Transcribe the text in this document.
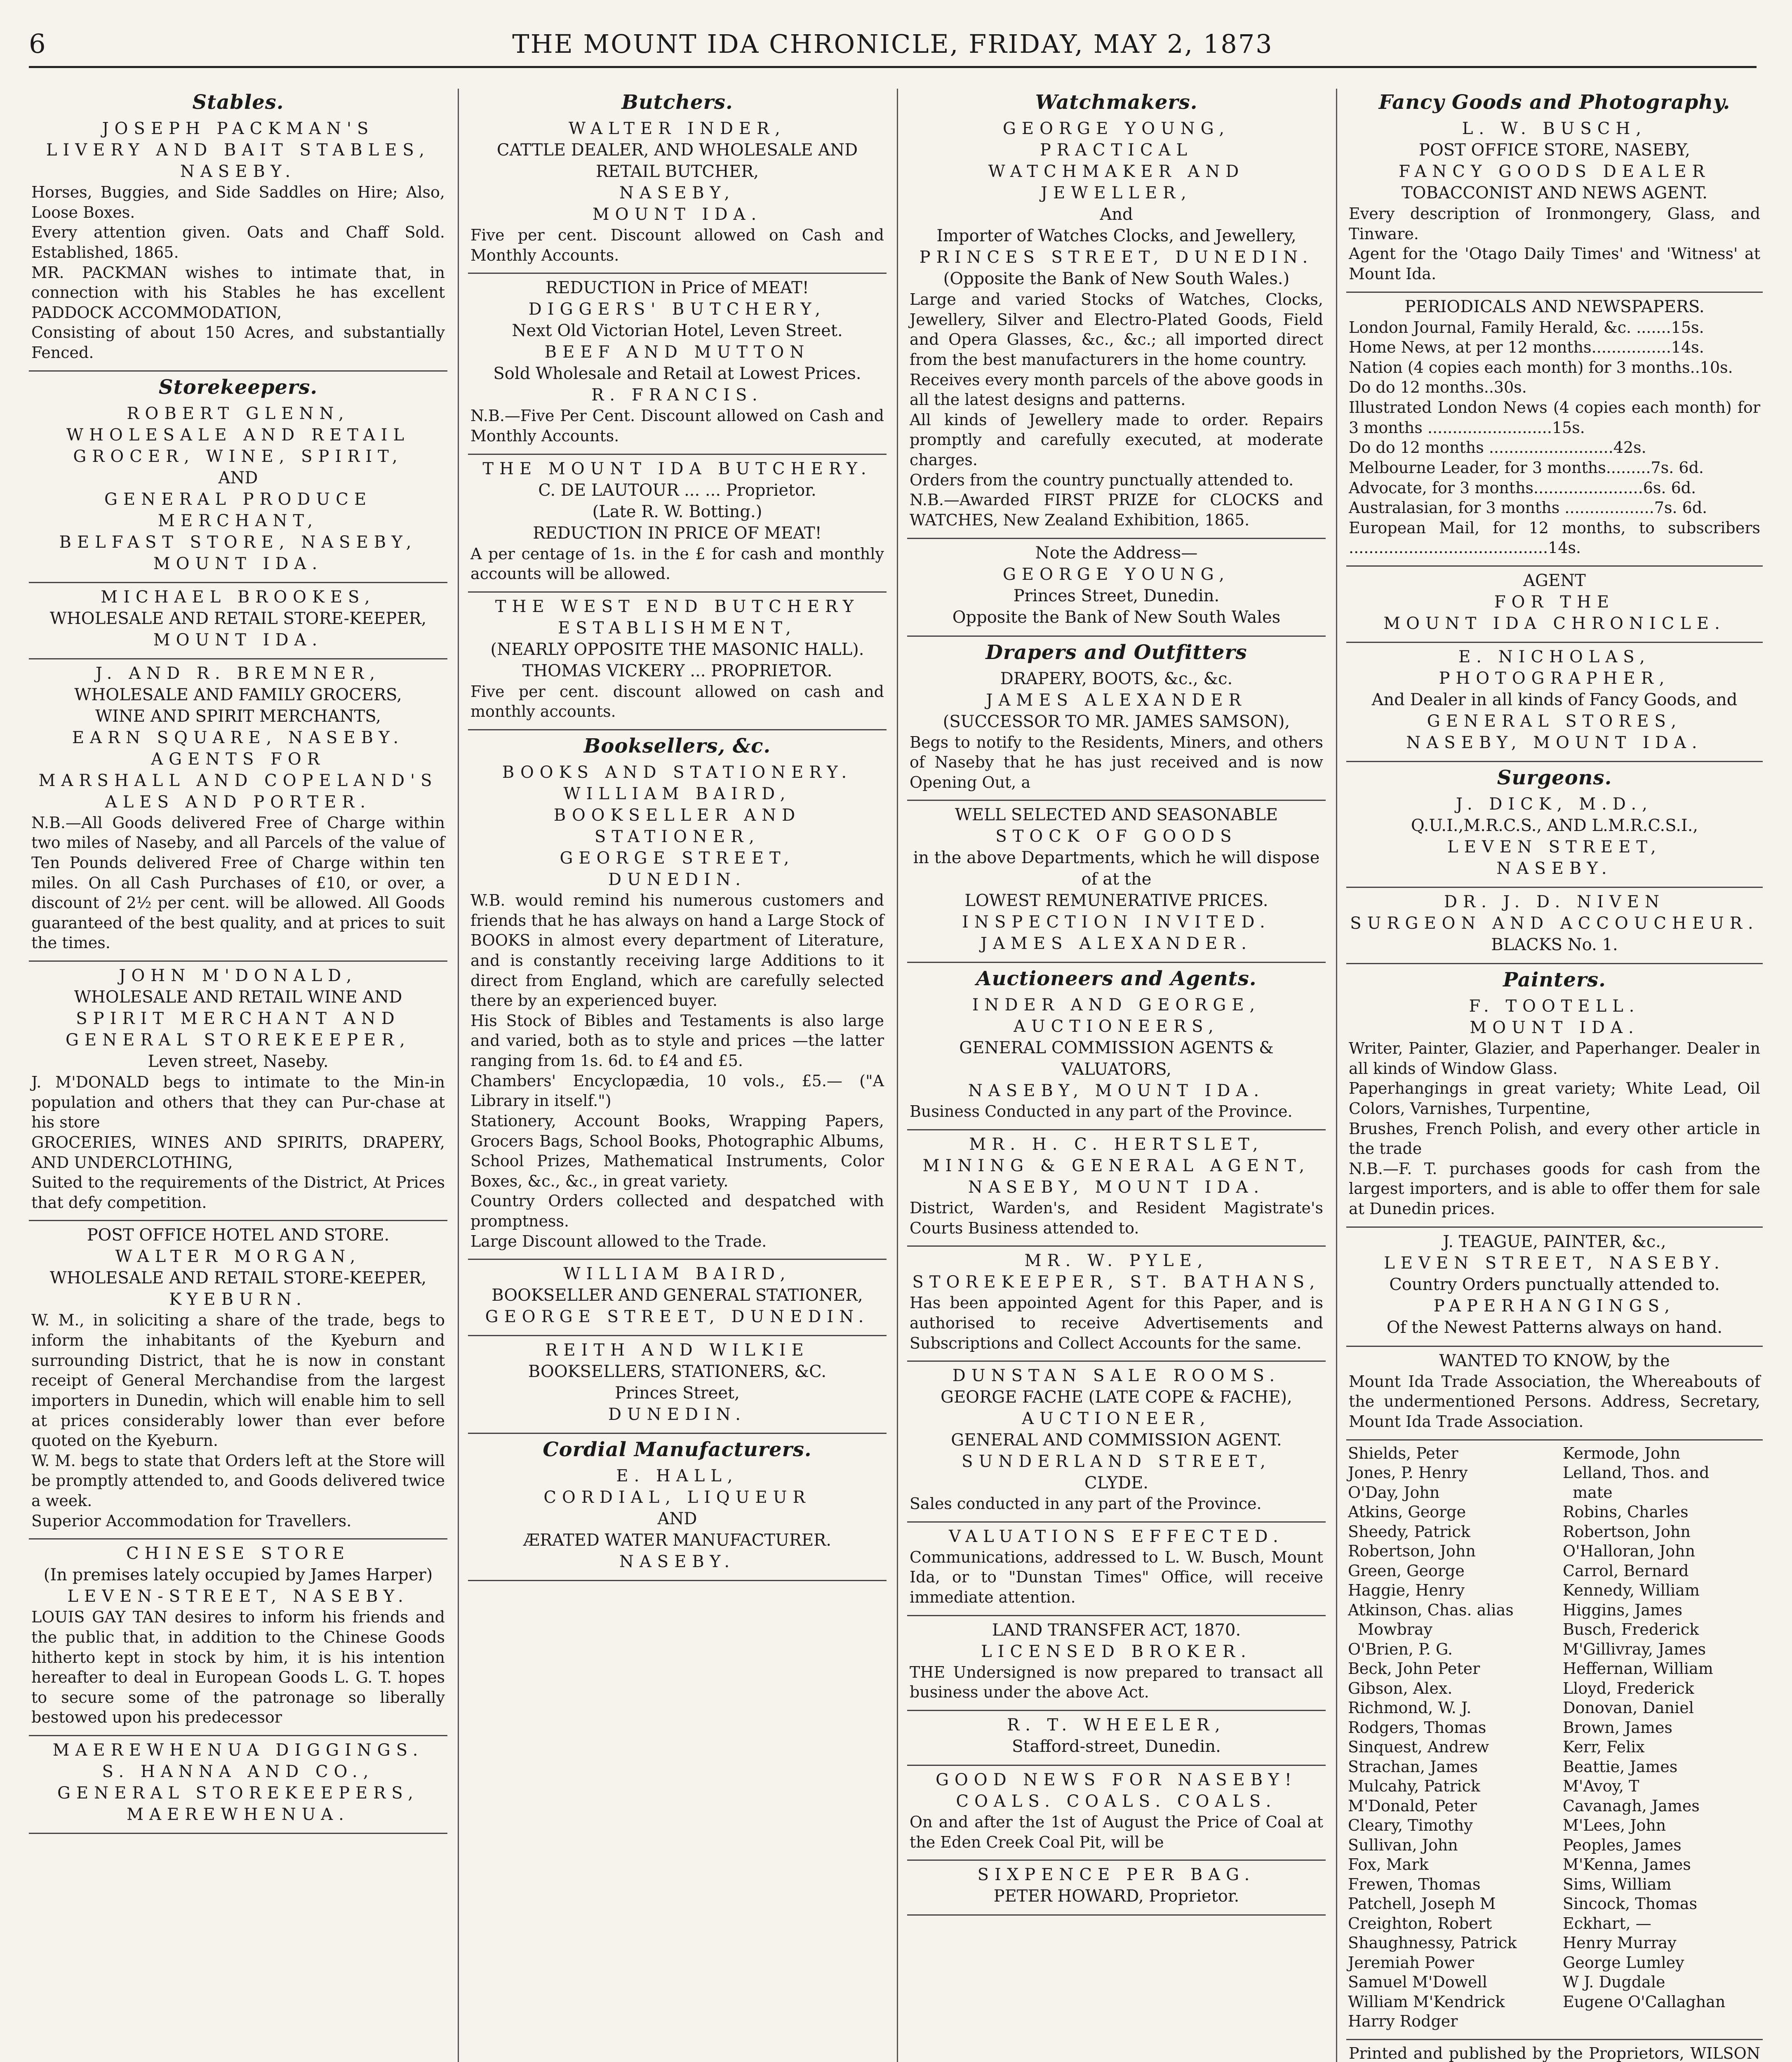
6	THE MOUNT IDA CHRONICLE, FRIDAY, MAY 2, 1873
Stables.
JOSEPH PACKMAN'S
LIVERY AND BAIT STABLES,
NASEBY.
Horses, Buggies, and Side Saddles on Hire; Also, Loose Boxes.
Every attention given. Oats and Chaff Sold. Established, 1865.
MR. PACKMAN wishes to intimate that, in connection with his Stables he has excellent PADDOCK ACCOMMODATION,
Consisting of about 150 Acres, and substantially Fenced.
Storekeepers.
ROBERT GLENN,
WHOLESALE AND RETAIL
GROCER, WINE, SPIRIT,
AND
GENERAL PRODUCE MERCHANT,
BELFAST STORE, NASEBY,
MOUNT IDA.
MICHAEL BROOKES,
WHOLESALE AND RETAIL STORE-KEEPER,
MOUNT IDA.
J. AND R. BREMNER,
WHOLESALE AND FAMILY GROCERS,
WINE AND SPIRIT MERCHANTS,
EARN SQUARE, NASEBY.
AGENTS FOR
MARSHALL AND COPELAND'S
ALES AND PORTER.
N.B.—All Goods delivered Free of Charge within two miles of Naseby, and all Parcels of the value of Ten Pounds delivered Free of Charge within ten miles. On all Cash Purchases of £10, or over, a discount of 2½ per cent. will be allowed. All Goods guaranteed of the best quality, and at prices to suit the times.
JOHN M'DONALD,
WHOLESALE AND RETAIL WINE AND
SPIRIT MERCHANT AND
GENERAL STOREKEEPER,
Leven street, Naseby.
J. M'DONALD begs to intimate to the Min-in population and others that they can Pur-chase at his store
GROCERIES, WINES AND SPIRITS, DRAPERY, AND UNDERCLOTHING,
Suited to the requirements of the District, At Prices that defy competition.
POST OFFICE HOTEL AND STORE.
WALTER MORGAN,
WHOLESALE AND RETAIL STORE-KEEPER,
KYEBURN.
W. M., in soliciting a share of the trade, begs to inform the inhabitants of the Kyeburn and surrounding District, that he is now in constant receipt of General Merchandise from the largest importers in Dunedin, which will enable him to sell at prices considerably lower than ever before quoted on the Kyeburn.
W. M. begs to state that Orders left at the Store will be promptly attended to, and Goods delivered twice a week.
Superior Accommodation for Travellers.
CHINESE STORE
(In premises lately occupied by James Harper)
LEVEN-STREET, NASEBY.
LOUIS GAY TAN desires to inform his friends and the public that, in addition to the Chinese Goods hitherto kept in stock by him, it is his intention hereafter to deal in European Goods L. G. T. hopes to secure some of the patronage so liberally bestowed upon his predecessor
MAEREWHENUA DIGGINGS.
S. HANNA AND CO.,
GENERAL STOREKEEPERS,
MAEREWHENUA.
Butchers.
WALTER INDER,
CATTLE DEALER, AND WHOLESALE AND RETAIL BUTCHER,
NASEBY,
MOUNT IDA.
Five per cent. Discount allowed on Cash and Monthly Accounts.
REDUCTION in Price of MEAT!
DIGGERS' BUTCHERY,
Next Old Victorian Hotel, Leven Street.
BEEF AND MUTTON
Sold Wholesale and Retail at Lowest Prices.
R. FRANCIS.
N.B.—Five Per Cent. Discount allowed on Cash and Monthly Accounts.
THE MOUNT IDA BUTCHERY.
C. DE LAUTOUR ... ... Proprietor.
(Late R. W. Botting.)
REDUCTION IN PRICE OF MEAT!
A per centage of 1s. in the £ for cash and monthly accounts will be allowed.
THE WEST END BUTCHERY
ESTABLISHMENT,
(NEARLY OPPOSITE THE MASONIC HALL).
THOMAS VICKERY ... PROPRIETOR.
Five per cent. discount allowed on cash and monthly accounts.
Booksellers, &c.
BOOKS AND STATIONERY.
WILLIAM BAIRD,
BOOKSELLER AND STATIONER,
GEORGE STREET,
DUNEDIN.
W.B. would remind his numerous customers and friends that he has always on hand a Large Stock of BOOKS in almost every department of Literature, and is constantly receiving large Additions to it direct from England, which are carefully selected there by an experienced buyer.
His Stock of Bibles and Testaments is also large and varied, both as to style and prices —the latter ranging from 1s. 6d. to £4 and £5.
Chambers' Encyclopædia, 10 vols., £5.— ("A Library in itself.")
Stationery, Account Books, Wrapping Papers, Grocers Bags, School Books, Photographic Albums, School Prizes, Mathematical Instruments, Color Boxes, &c., &c., in great variety.
Country Orders collected and despatched with promptness.
Large Discount allowed to the Trade.
WILLIAM BAIRD,
BOOKSELLER AND GENERAL STATIONER,
GEORGE STREET, DUNEDIN.
REITH AND WILKIE
BOOKSELLERS, STATIONERS, &C.
Princes Street,
DUNEDIN.
Cordial Manufacturers.
E. HALL,
CORDIAL, LIQUEUR
AND
ÆRATED WATER MANUFACTURER.
NASEBY.
Watchmakers.
GEORGE YOUNG,
PRACTICAL
WATCHMAKER AND JEWELLER,
And
Importer of Watches Clocks, and Jewellery,
PRINCES STREET, DUNEDIN.
(Opposite the Bank of New South Wales.)
Large and varied Stocks of Watches, Clocks, Jewellery, Silver and Electro-Plated Goods, Field and Opera Glasses, &c., &c.; all imported direct from the best manufacturers in the home country.
Receives every month parcels of the above goods in all the latest designs and patterns.
All kinds of Jewellery made to order. Repairs promptly and carefully executed, at moderate charges.
Orders from the country punctually attended to.
N.B.—Awarded FIRST PRIZE for CLOCKS and WATCHES, New Zealand Exhibition, 1865.
Note the Address—
GEORGE YOUNG,
Princes Street, Dunedin.
Opposite the Bank of New South Wales
Drapers and Outfitters
DRAPERY, BOOTS, &c., &c.
JAMES ALEXANDER
(SUCCESSOR TO MR. JAMES SAMSON),
Begs to notify to the Residents, Miners, and others of Naseby that he has just received and is now Opening Out, a
WELL SELECTED AND SEASONABLE
STOCK OF GOODS
in the above Departments, which he will dispose of at the
LOWEST REMUNERATIVE PRICES.
INSPECTION INVITED.
JAMES ALEXANDER.
Auctioneers and Agents.
INDER AND GEORGE,
AUCTIONEERS,
GENERAL COMMISSION AGENTS & VALUATORS,
NASEBY, MOUNT IDA.
Business Conducted in any part of the Province.
MR. H. C. HERTSLET,
MINING & GENERAL AGENT,
NASEBY, MOUNT IDA.
District, Warden's, and Resident Magistrate's Courts Business attended to.
MR. W. PYLE,
STOREKEEPER, ST. BATHANS,
Has been appointed Agent for this Paper, and is authorised to receive Advertisements and Subscriptions and Collect Accounts for the same.
DUNSTAN SALE ROOMS.
GEORGE FACHE (LATE COPE & FACHE),
AUCTIONEER,
GENERAL AND COMMISSION AGENT.
SUNDERLAND STREET,
CLYDE.
Sales conducted in any part of the Province.
VALUATIONS EFFECTED.
Communications, addressed to L. W. Busch, Mount Ida, or to "Dunstan Times" Office, will receive immediate attention.
LAND TRANSFER ACT, 1870.
LICENSED BROKER.
THE Undersigned is now prepared to transact all business under the above Act.
R. T. WHEELER,
Stafford-street, Dunedin.
GOOD NEWS FOR NASEBY!
COALS. COALS. COALS.
On and after the 1st of August the Price of Coal at the Eden Creek Coal Pit, will be
SIXPENCE PER BAG.
PETER HOWARD, Proprietor.
Fancy Goods and Photography.
L. W. BUSCH,
POST OFFICE STORE, NASEBY,
FANCY GOODS DEALER
TOBACCONIST AND NEWS AGENT.
Every description of Ironmongery, Glass, and Tinware.
Agent for the 'Otago Daily Times' and 'Witness' at Mount Ida.
PERIODICALS AND NEWSPAPERS.
London Journal, Family Herald, &c. .......15s.
Home News, at per 12 months................14s.
Nation (4 copies each month) for 3 months..10s.
Do do 12 months..30s.
Illustrated London News (4 copies each month) for 3 months .........................15s.
Do do 12 months .........................42s.
Melbourne Leader, for 3 months.........7s. 6d.
Advocate, for 3 months......................6s. 6d.
Australasian, for 3 months ..................7s. 6d.
European Mail, for 12 months, to subscribers ........................................14s.
AGENT
FOR THE
MOUNT IDA CHRONICLE.
E. NICHOLAS,
PHOTOGRAPHER,
And Dealer in all kinds of Fancy Goods, and
GENERAL STORES,
NASEBY, MOUNT IDA.
Surgeons.
J. DICK, M.D.,
Q.U.I.,M.R.C.S., AND L.M.R.C.S.I.,
LEVEN STREET,
NASEBY.
DR. J. D. NIVEN
SURGEON AND ACCOUCHEUR.
BLACKS No. 1.
Painters.
F. TOOTELL.
MOUNT IDA.
Writer, Painter, Glazier, and Paperhanger. Dealer in all kinds of Window Glass.
Paperhangings in great variety; White Lead, Oil Colors, Varnishes, Turpentine,
Brushes, French Polish, and every other article in the trade
N.B.—F. T. purchases goods for cash from the largest importers, and is able to offer them for sale at Dunedin prices.
J. TEAGUE, PAINTER, &c.,
LEVEN STREET, NASEBY.
Country Orders punctually attended to.
PAPERHANGINGS,
Of the Newest Patterns always on hand.
WANTED TO KNOW, by the
Mount Ida Trade Association, the Whereabouts of the undermentioned Persons. Address, Secretary, Mount Ida Trade Association.
Shields, Peter
Jones, P. Henry
O'Day, John
Atkins, George
Sheedy, Patrick
Robertson, John
Green, George
Haggie, Henry
Atkinson, Chas. alias
Mowbray
O'Brien, P. G.
Beck, John Peter
Gibson, Alex.
Richmond, W. J.
Rodgers, Thomas
Sinquest, Andrew
Strachan, James
Mulcahy, Patrick
M'Donald, Peter
Cleary, Timothy
Sullivan, John
Fox, Mark
Frewen, Thomas
Patchell, Joseph M
Creighton, Robert
Shaughnessy, Patrick
Jeremiah Power
Samuel M'Dowell
William M'Kendrick
Harry Rodger
Kermode, John
Lelland, Thos. and
mate
Robins, Charles
Robertson, John
O'Halloran, John
Carrol, Bernard
Kennedy, William
Higgins, James
Busch, Frederick
M'Gillivray, James
Heffernan, William
Lloyd, Frederick
Donovan, Daniel
Brown, James
Kerr, Felix
Beattie, James
M'Avoy, T
Cavanagh, James
M'Lees, John
Peoples, James
M'Kenna, James
Sims, William
Sincock, Thomas
Eckhart, —
Henry Murray
George Lumley
W J. Dugdale
Eugene O'Callaghan
Printed and published by the Proprietors, WILSON
